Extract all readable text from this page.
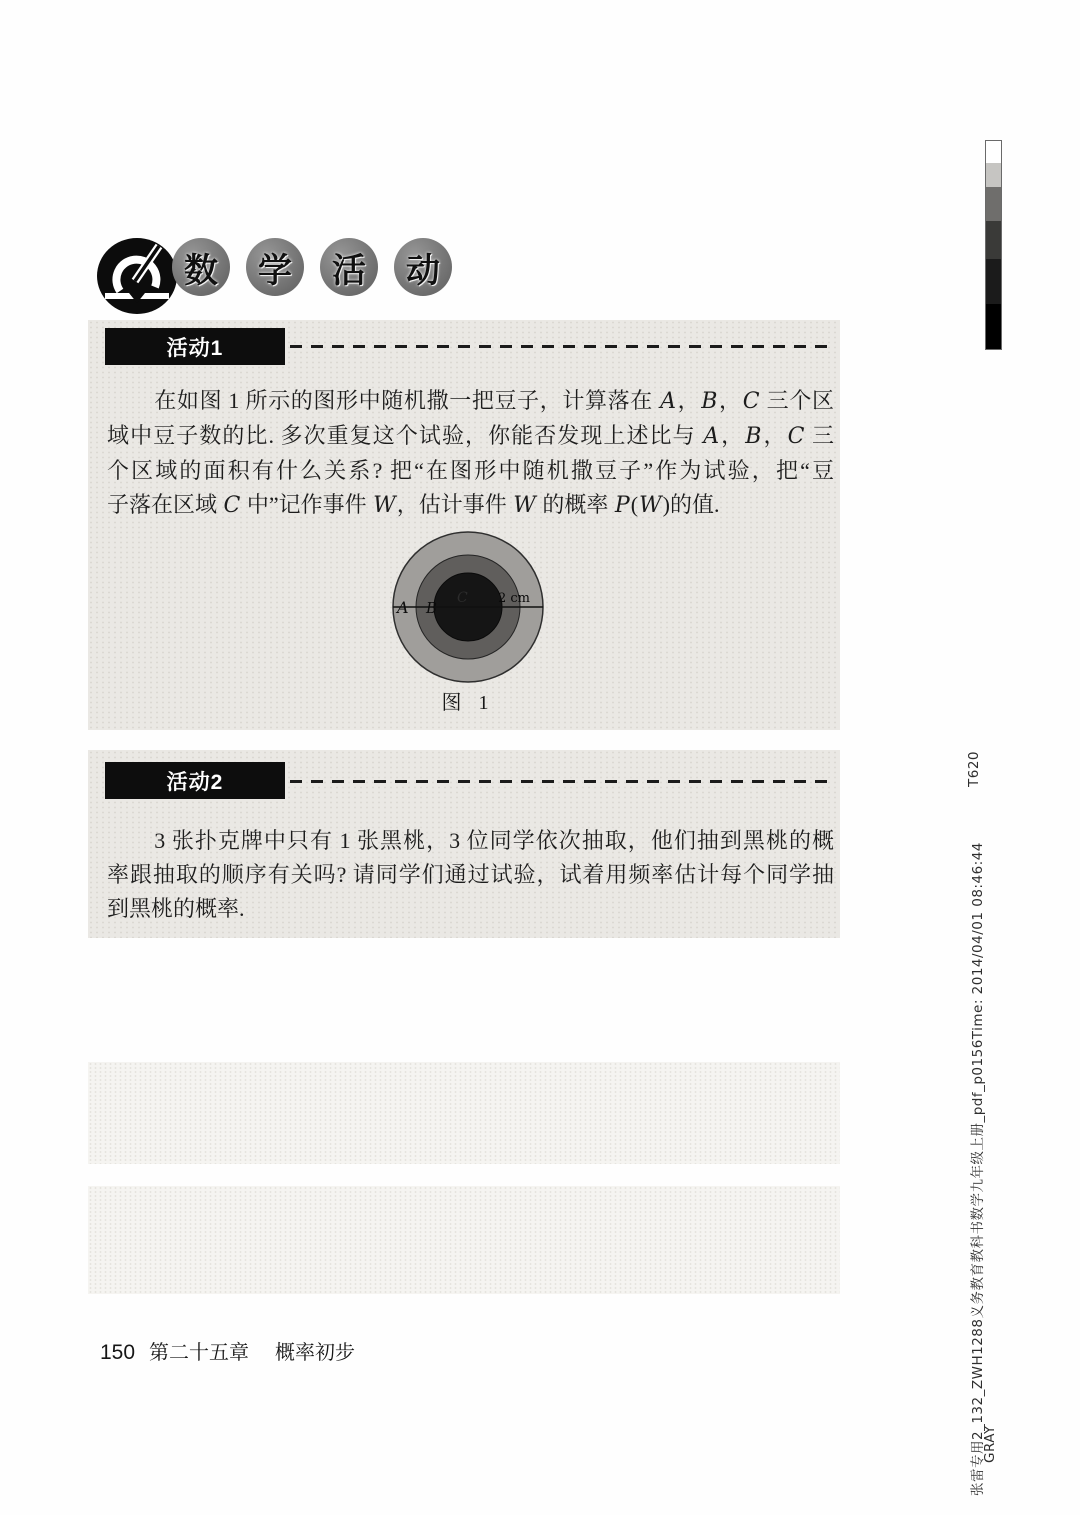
数 学 活 动
活动1
在如图 1 所示的图形中随机撒一把豆子，计算落在 A，B，C 三个区
域中豆子数的比. 多次重复这个试验，你能否发现上述比与 A，B，C 三
个区域的面积有什么关系? 把“在图形中随机撒豆子”作为试验，把“豆
子落在区域 C 中”记作事件 W，估计事件 W 的概率 P(W)的值.
A B
C 2 cm
图 1
活动2
3 张扑克牌中只有 1 张黑桃，3 位同学依次抽取，他们抽到黑桃的概
率跟抽取的顺序有关吗? 请同学们通过试验，试着用频率估计每个同学抽
到黑桃的概率.
150 第二十五章 概率初步
T620
张雷专用2_132_ZWH1288义务教育教科书数学九年级上册_pdf_p0156Time: 2014/04/01 08:46:44
GRAY
